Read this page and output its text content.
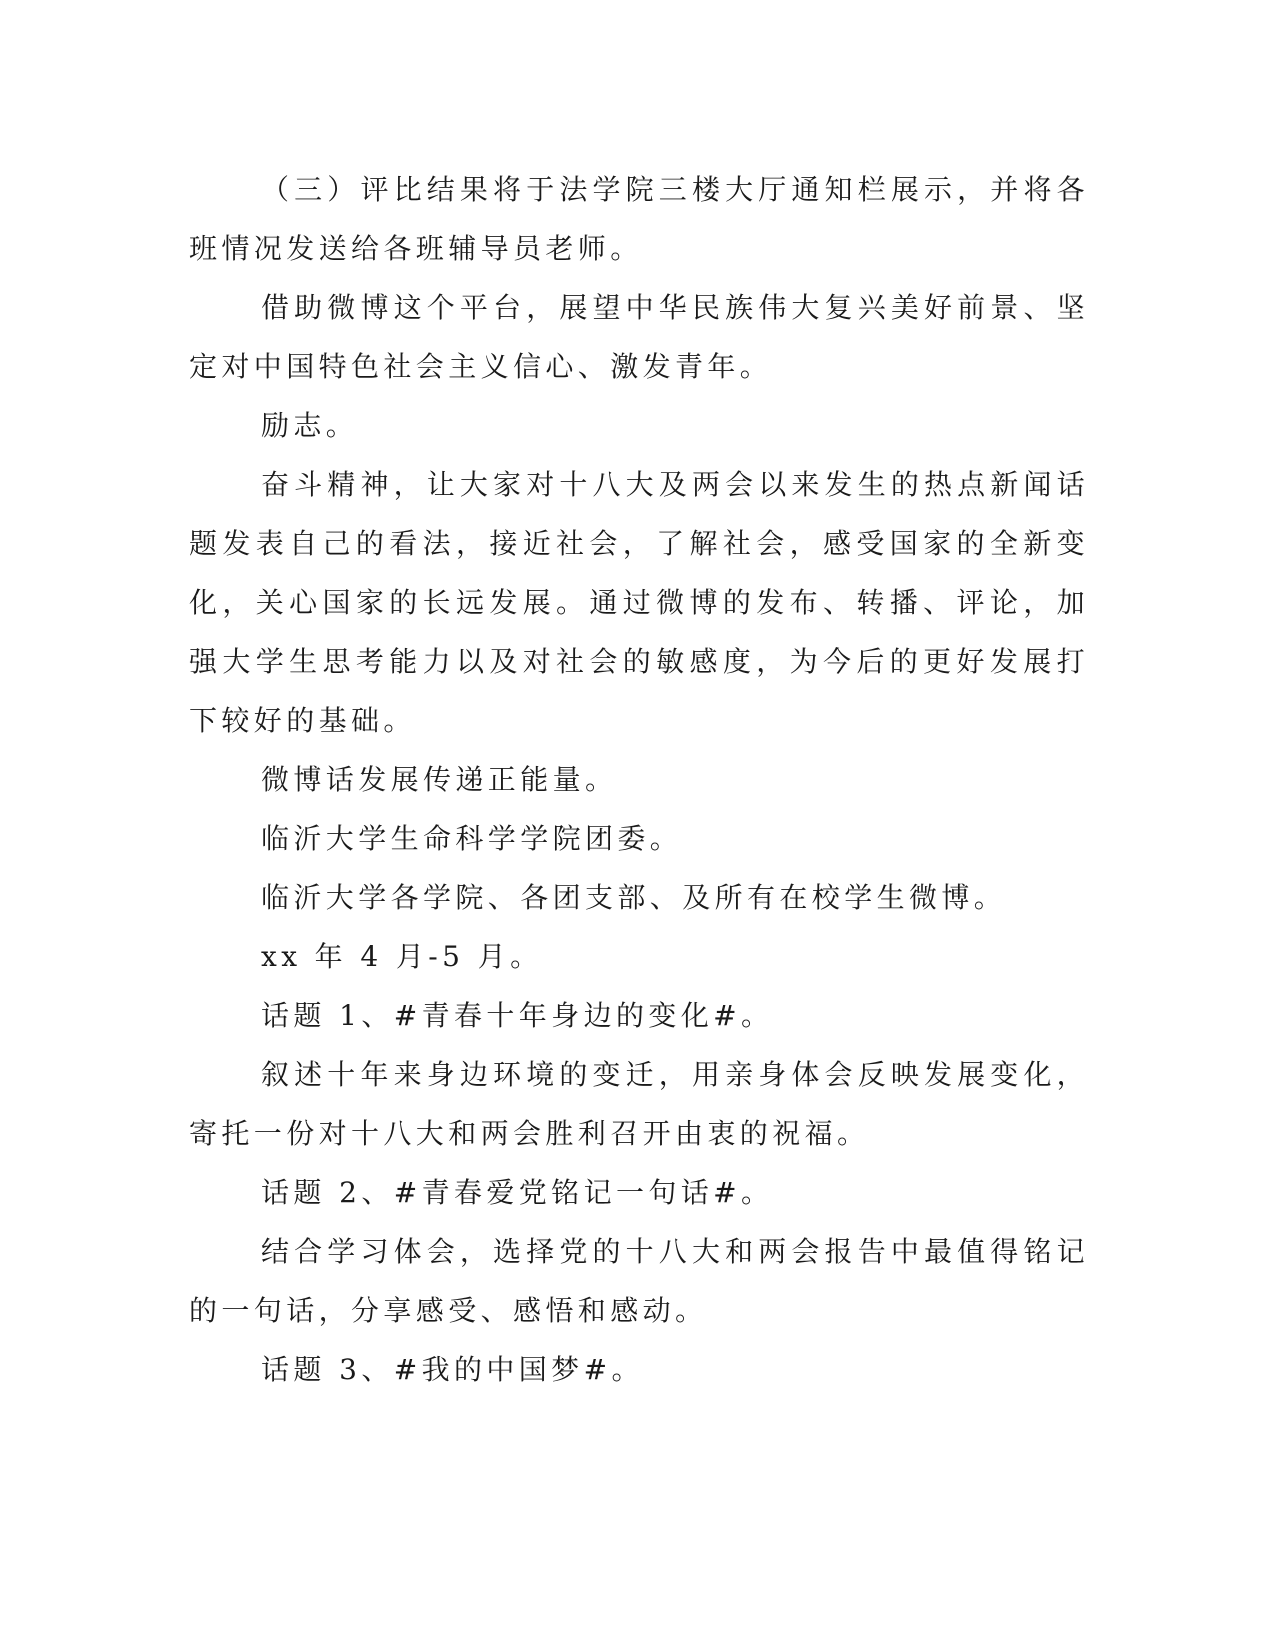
（三）评比结果将于法学院三楼大厅通知栏展示，并将各班情况发送给各班辅导员老师。

借助微博这个平台，展望中华民族伟大复兴美好前景、坚定对中国特色社会主义信心、激发青年。

励志。

奋斗精神，让大家对十八大及两会以来发生的热点新闻话题发表自己的看法，接近社会，了解社会，感受国家的全新变化，关心国家的长远发展。通过微博的发布、转播、评论，加强大学生思考能力以及对社会的敏感度，为今后的更好发展打下较好的基础。

微博话发展传递正能量。

临沂大学生命科学学院团委。

临沂大学各学院、各团支部、及所有在校学生微博。

xx 年 4 月-5 月。

话题 1、#青春十年身边的变化#。

叙述十年来身边环境的变迁，用亲身体会反映发展变化，寄托一份对十八大和两会胜利召开由衷的祝福。

话题 2、#青春爱党铭记一句话#。

结合学习体会，选择党的十八大和两会报告中最值得铭记的一句话，分享感受、感悟和感动。

话题 3、#我的中国梦#。
